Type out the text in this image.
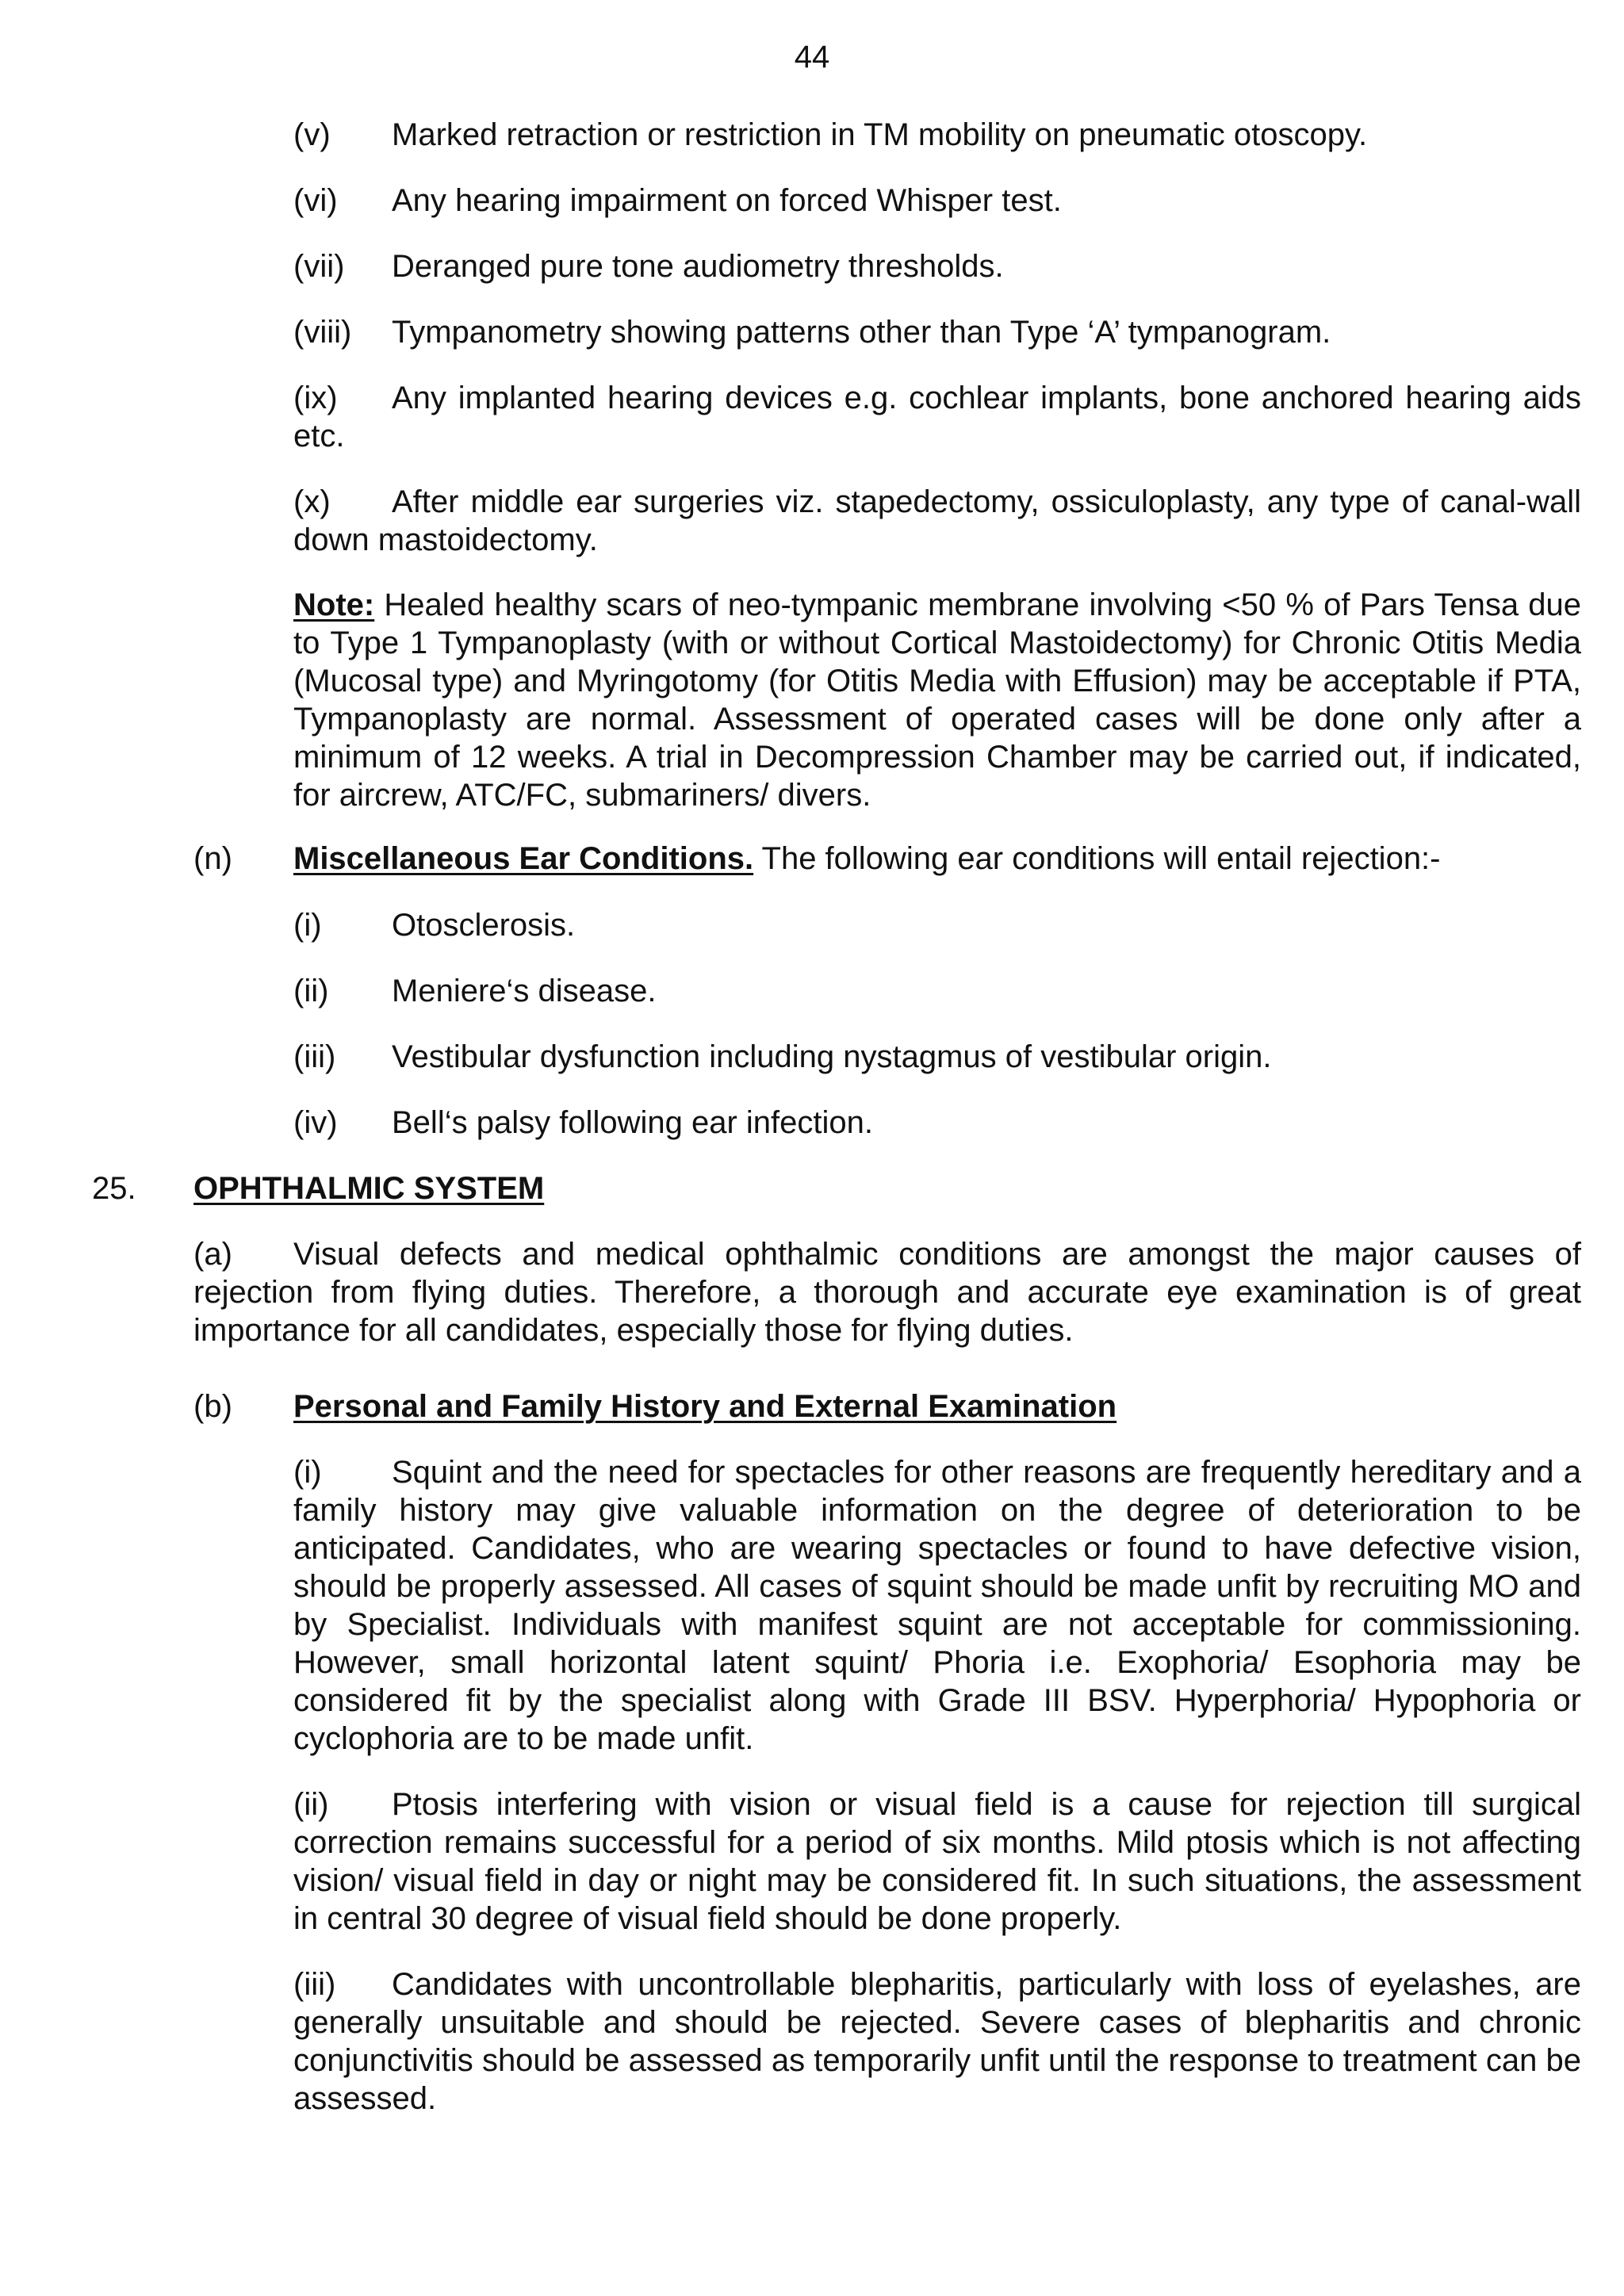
44
(v) Marked retraction or restriction in TM mobility on pneumatic otoscopy.
(vi) Any hearing impairment on forced Whisper test.
(vii) Deranged pure tone audiometry thresholds.
(viii) Tympanometry showing patterns other than Type ‘A’ tympanogram.
(ix) Any implanted hearing devices e.g. cochlear implants, bone anchored hearing aids etc.
(x) After middle ear surgeries viz. stapedectomy, ossiculoplasty, any type of canal-wall down mastoidectomy.
Note: Healed healthy scars of neo-tympanic membrane involving <50 % of Pars Tensa due to Type 1 Tympanoplasty (with or without Cortical Mastoidectomy) for Chronic Otitis Media (Mucosal type) and Myringotomy (for Otitis Media with Effusion) may be acceptable if PTA, Tympanoplasty are normal. Assessment of operated cases will be done only after a minimum of 12 weeks. A trial in Decompression Chamber may be carried out, if indicated, for aircrew, ATC/FC, submariners/ divers.
(n) Miscellaneous Ear Conditions. The following ear conditions will entail rejection:-
(i) Otosclerosis.
(ii) Meniere‘s disease.
(iii) Vestibular dysfunction including nystagmus of vestibular origin.
(iv) Bell‘s palsy following ear infection.
25. OPHTHALMIC SYSTEM
(a) Visual defects and medical ophthalmic conditions are amongst the major causes of rejection from flying duties. Therefore, a thorough and accurate eye examination is of great importance for all candidates, especially those for flying duties.
(b) Personal and Family History and External Examination
(i) Squint and the need for spectacles for other reasons are frequently hereditary and a family history may give valuable information on the degree of deterioration to be anticipated. Candidates, who are wearing spectacles or found to have defective vision, should be properly assessed. All cases of squint should be made unfit by recruiting MO and by Specialist. Individuals with manifest squint are not acceptable for commissioning. However, small horizontal latent squint/ Phoria i.e. Exophoria/ Esophoria may be considered fit by the specialist along with Grade III BSV. Hyperphoria/ Hypophoria or cyclophoria are to be made unfit.
(ii) Ptosis interfering with vision or visual field is a cause for rejection till surgical correction remains successful for a period of six months. Mild ptosis which is not affecting vision/ visual field in day or night may be considered fit. In such situations, the assessment in central 30 degree of visual field should be done properly.
(iii) Candidates with uncontrollable blepharitis, particularly with loss of eyelashes, are generally unsuitable and should be rejected. Severe cases of blepharitis and chronic conjunctivitis should be assessed as temporarily unfit until the response to treatment can be assessed.
